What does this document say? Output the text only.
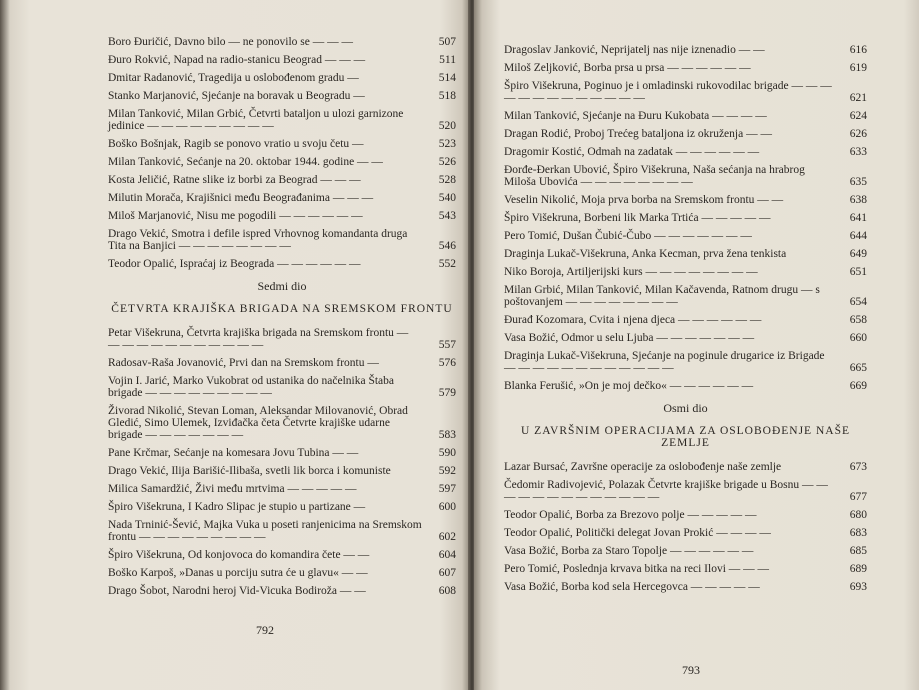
Boro Đuričić, Davno bilo — ne ponovilo se — — —	507
Đuro Rokvić, Napad na radio-stanicu Beograd — — —	511
Dmitar Radanović, Tragedija u oslobođenom gradu —	514
Stanko Marjanović, Sjećanje na boravak u Beogradu —	518
Milan Tanković, Milan Grbić, Četvrti bataljon u ulozi garnizone jedinice — — — — — — — — —	520
Boško Bošnjak, Ragib se ponovo vratio u svoju četu —	523
Milan Tanković, Sećanje na 20. oktobar 1944. godine — —	526
Kosta Jeličić, Ratne slike iz borbi za Beograd — — —	528
Milutin Morača, Krajišnici među Beograđanima — — —	540
Miloš Marjanović, Nisu me pogodili — — — — — —	543
Drago Vekić, Smotra i defile ispred Vrhovnog komandanta druga Tita na Banjici — — — — — — — —	546
Teodor Opalić, Ispraćaj iz Beograda — — — — — —	552
Sedmi dio
ČETVRTA KRAJIŠKA BRIGADA NA SREMSKOM FRONTU
Petar Višekruna, Četvrta krajiška brigada na Sremskom frontu — — — — — — — — — — — —	557
Radosav-Raša Jovanović, Prvi dan na Sremskom frontu —	576
Vojin I. Jarić, Marko Vukobrat od ustanika do načelnika Štaba brigade — — — — — — — — —	579
Živorad Nikolić, Stevan Loman, Aleksandar Milovanović, Obrad Gledić, Simo Ulemek, Izviđačka četa Četvrte krajiške udarne brigade — — — — — — —	583
Pane Krčmar, Sećanje na komesara Jovu Tubina — —	590
Drago Vekić, Ilija Barišić-Ilibaša, svetli lik borca i komuniste	592
Milica Samardžić, Živi među mrtvima — — — — —	597
Špiro Višekruna, I Kadro Slipac je stupio u partizane —	600
Nada Trninić-Šević, Majka Vuka u poseti ranjenicima na Sremskom frontu — — — — — — — — —	602
Špiro Višekruna, Od konjovoca do komandira čete — —	604
Boško Karpoš, »Danas u porciju sutra će u glavu« — —	607
Drago Šobot, Narodni heroj Vid-Vicuka Bodiroža — —	608
792
Dragoslav Janković, Neprijatelj nas nije iznenadio — —	616
Miloš Zeljković, Borba prsa u prsa — — — — — —	619
Špiro Višekruna, Poginuo je i omladinski rukovodilac brigade — — — — — — — — — — — — —	621
Milan Tanković, Sjećanje na Đuru Kukobata — — — —	624
Dragan Rodić, Proboj Trećeg bataljona iz okruženja — —	626
Dragomir Kostić, Odmah na zadatak — — — — — —	633
Đorđe-Đerkan Ubović, Špiro Višekruna, Naša sećanja na hrabrog Miloša Ubovića — — — — — — — —	635
Veselin Nikolić, Moja prva borba na Sremskom frontu — —	638
Špiro Višekruna, Borbeni lik Marka Trtića — — — — —	641
Pero Tomić, Dušan Čubić-Čubo — — — — — — —	644
Draginja Lukač-Višekruna, Anka Kecman, prva žena tenkista	649
Niko Boroja, Artiljerijski kurs — — — — — — — —	651
Milan Grbić, Milan Tanković, Milan Kačavenda, Ratnom drugu — s poštovanjem — — — — — — — —	654
Đurađ Kozomara, Cvita i njena djeca — — — — — —	658
Vasa Božić, Odmor u selu Ljuba — — — — — — —	660
Draginja Lukač-Višekruna, Sjećanje na poginule drugarice iz Brigade — — — — — — — — — — — —	665
Blanka Ferušić, »On je moj dečko« — — — — — —	669
Osmi dio
U ZAVRŠNIM OPERACIJAMA ZA OSLOBOĐENJE NAŠE ZEMLJE
Lazar Bursać, Završne operacije za oslobođenje naše zemlje	673
Čedomir Radivojević, Polazak Četvrte krajiške brigade u Bosnu — — — — — — — — — — — — —	677
Teodor Opalić, Borba za Brezovo polje — — — — —	680
Teodor Opalić, Politički delegat Jovan Prokić — — — —	683
Vasa Božić, Borba za Staro Topolje — — — — — —	685
Pero Tomić, Poslednja krvava bitka na reci Ilovi — — —	689
Vasa Božić, Borba kod sela Hercegovca — — — — —	693
793
